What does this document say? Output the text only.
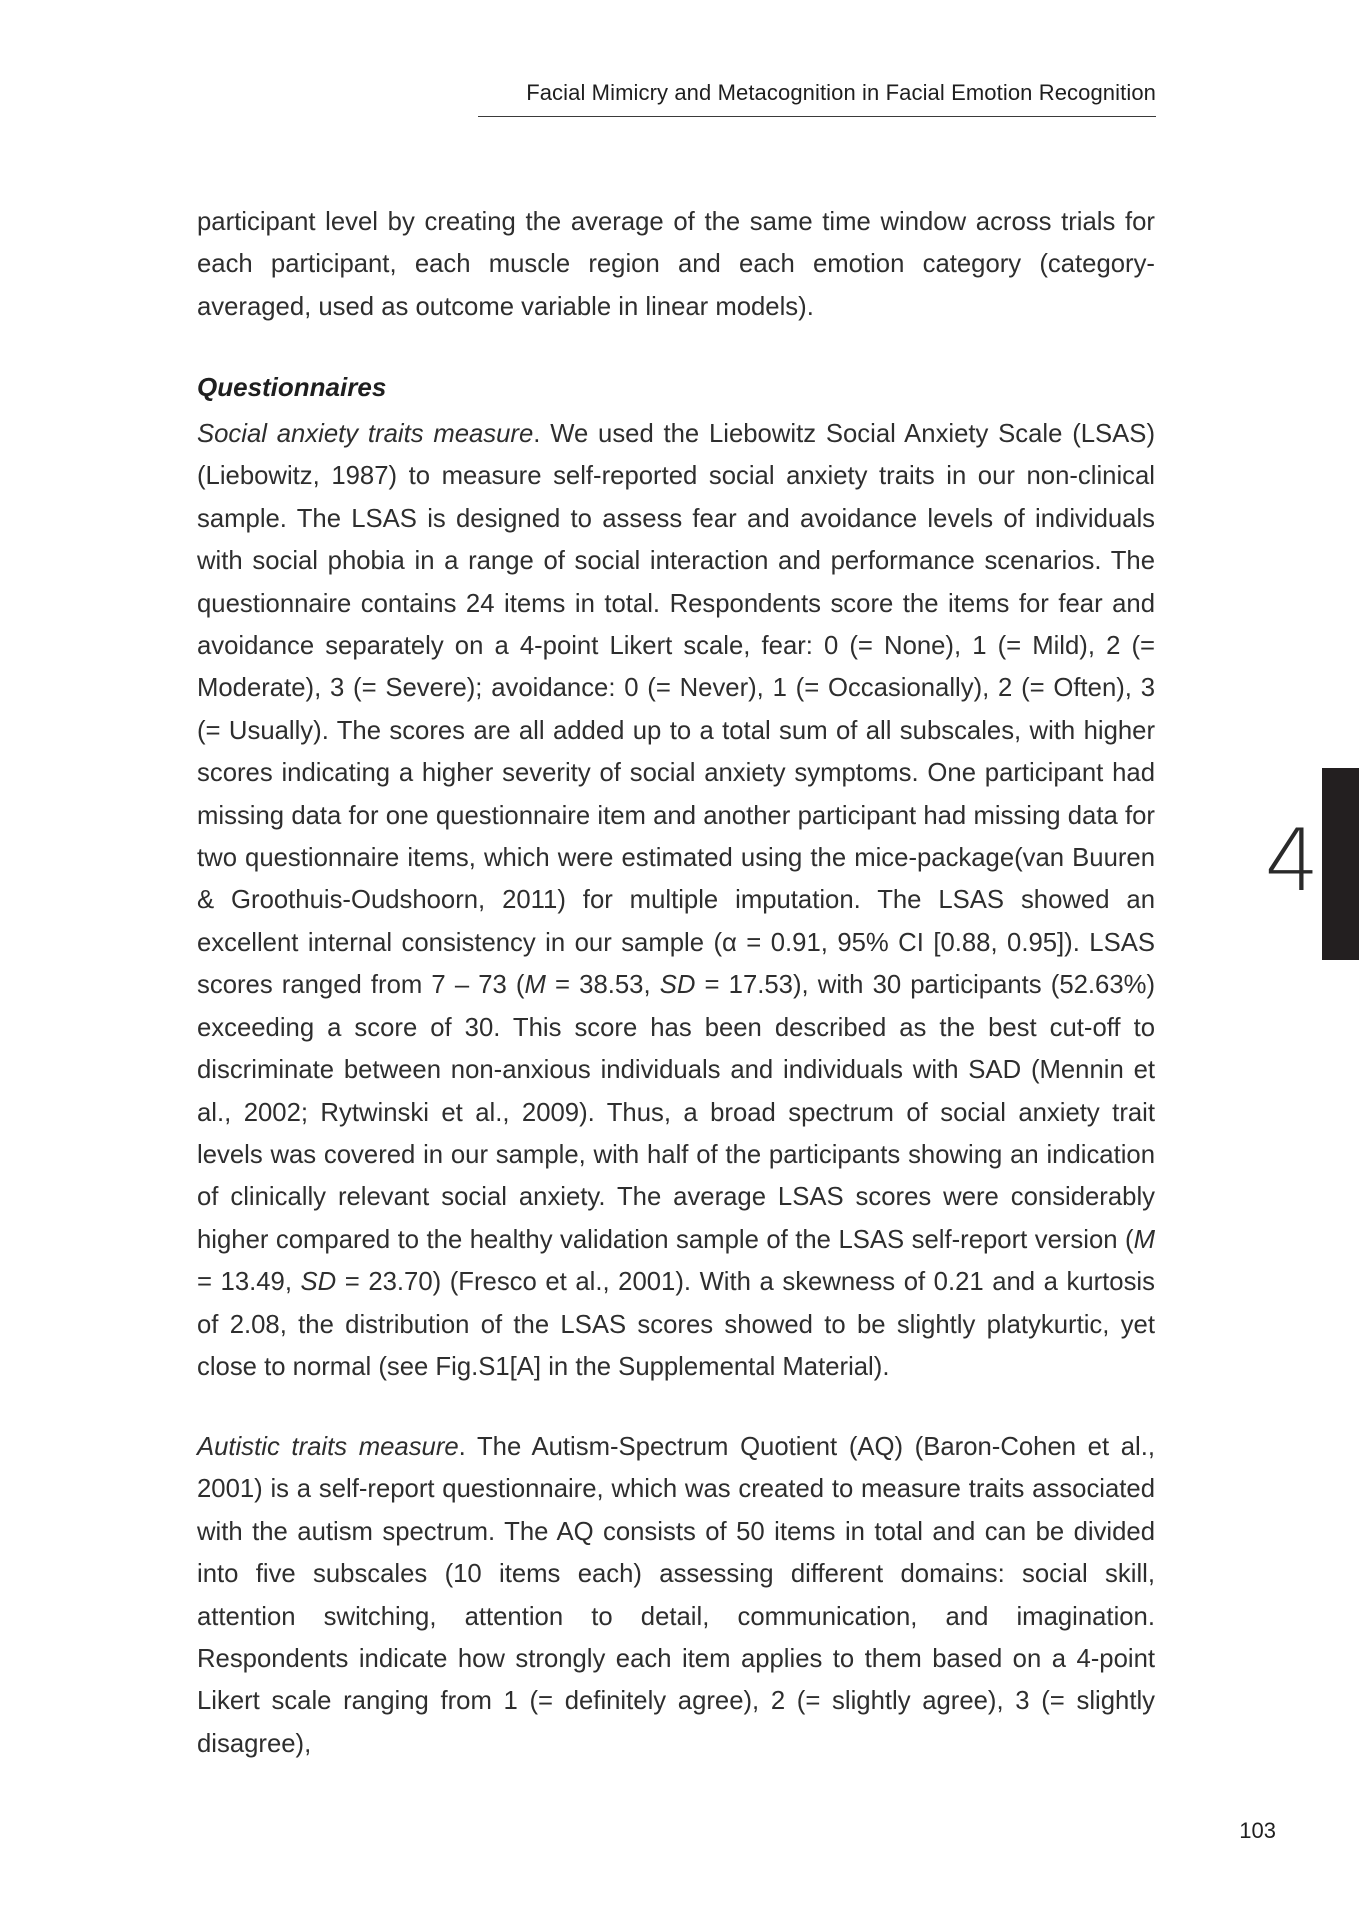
Facial Mimicry and Metacognition in Facial Emotion Recognition

participant level by creating the average of the same time window across trials for each participant, each muscle region and each emotion category (category-averaged, used as outcome variable in linear models).

Questionnaires

Social anxiety traits measure. We used the Liebowitz Social Anxiety Scale (LSAS) (Liebowitz, 1987) to measure self-reported social anxiety traits in our non-clinical sample. The LSAS is designed to assess fear and avoidance levels of individuals with social phobia in a range of social interaction and performance scenarios. The questionnaire contains 24 items in total. Respondents score the items for fear and avoidance separately on a 4-point Likert scale, fear: 0 (= None), 1 (= Mild), 2 (= Moderate), 3 (= Severe); avoidance: 0 (= Never), 1 (= Occasionally), 2 (= Often), 3 (= Usually). The scores are all added up to a total sum of all subscales, with higher scores indicating a higher severity of social anxiety symptoms. One participant had missing data for one questionnaire item and another participant had missing data for two questionnaire items, which were estimated using the mice-package(van Buuren & Groothuis-Oudshoorn, 2011) for multiple imputation. The LSAS showed an excellent internal consistency in our sample (α = 0.91, 95% CI [0.88, 0.95]). LSAS scores ranged from 7 – 73 (M = 38.53, SD = 17.53), with 30 participants (52.63%) exceeding a score of 30. This score has been described as the best cut-off to discriminate between non-anxious individuals and individuals with SAD (Mennin et al., 2002; Rytwinski et al., 2009). Thus, a broad spectrum of social anxiety trait levels was covered in our sample, with half of the participants showing an indication of clinically relevant social anxiety. The average LSAS scores were considerably higher compared to the healthy validation sample of the LSAS self-report version (M = 13.49, SD = 23.70) (Fresco et al., 2001). With a skewness of 0.21 and a kurtosis of 2.08, the distribution of the LSAS scores showed to be slightly platykurtic, yet close to normal (see Fig.S1[A] in the Supplemental Material).

Autistic traits measure. The Autism-Spectrum Quotient (AQ) (Baron-Cohen et al., 2001) is a self-report questionnaire, which was created to measure traits associated with the autism spectrum. The AQ consists of 50 items in total and can be divided into five subscales (10 items each) assessing different domains: social skill, attention switching, attention to detail, communication, and imagination. Respondents indicate how strongly each item applies to them based on a 4-point Likert scale ranging from 1 (= definitely agree), 2 (= slightly agree), 3 (= slightly disagree),

4
103
